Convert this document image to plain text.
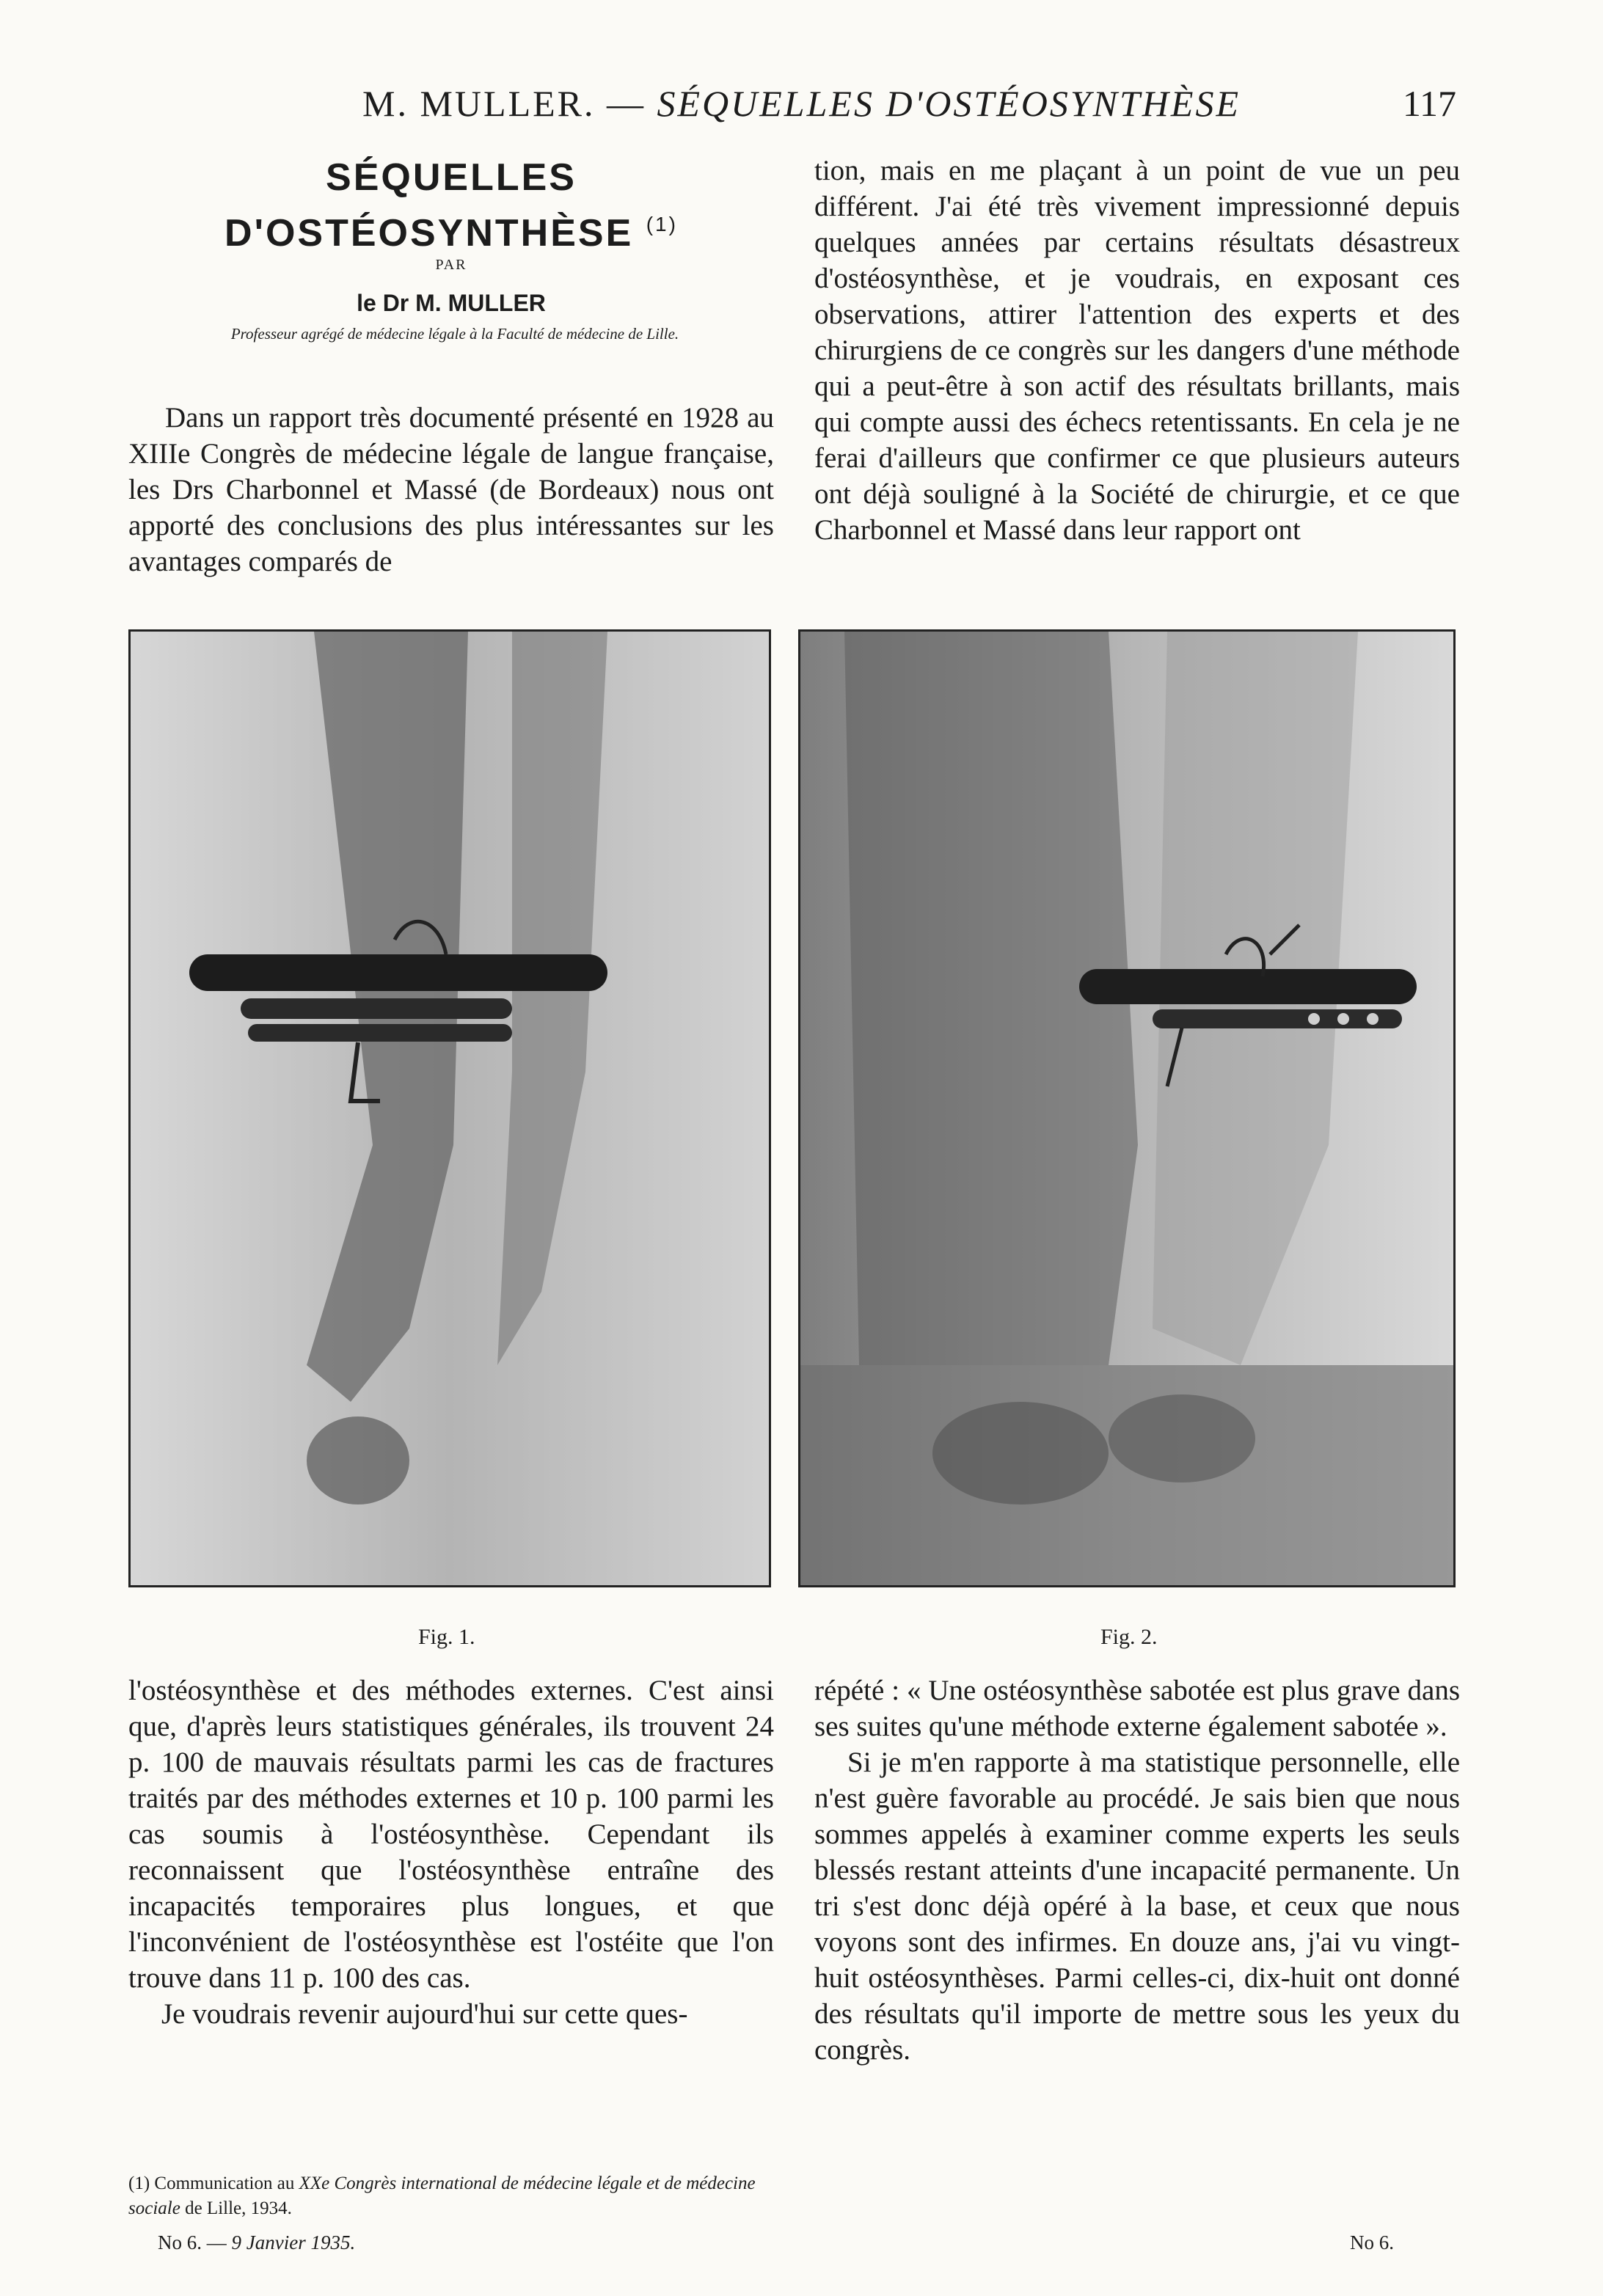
M. MULLER. — SÉQUELLES D'OSTÉOSYNTHÈSE	117
SÉQUELLES
D'OSTÉOSYNTHÈSE $^{(1)}$
PAR
le Dr M. MULLER
Professeur agrégé de médecine légale à la Faculté de médecine de Lille.

Dans un rapport très documenté présenté en 1928 au XIIIe Congrès de médecine légale de langue française, les Drs Charbonnel et Massé (de Bordeaux) nous ont apporté des conclusions des plus intéressantes sur les avantages comparés de

tion, mais en me plaçant à un point de vue un peu différent. J'ai été très vivement impressionné depuis quelques années par certains résultats désastreux d'ostéosynthèse, et je voudrais, en exposant ces observations, attirer l'attention des experts et des chirurgiens de ce congrès sur les dangers d'une méthode qui a peut-être à son actif des résultats brillants, mais qui compte aussi des échecs retentissants. En cela je ne ferai d'ailleurs que confirmer ce que plusieurs auteurs ont déjà souligné à la Société de chirurgie, et ce que Charbonnel et Massé dans leur rapport ont

Fig. 1.	Fig. 2.

l'ostéosynthèse et des méthodes externes. C'est ainsi que, d'après leurs statistiques générales, ils trouvent 24 p. 100 de mauvais résultats parmi les cas de fractures traités par des méthodes externes et 10 p. 100 parmi les cas soumis à l'ostéosynthèse. Cependant ils reconnaissent que l'ostéosynthèse entraîne des incapacités temporaires plus longues, et que l'inconvénient de l'ostéosynthèse est l'ostéite que l'on trouve dans 11 p. 100 des cas.

Je voudrais revenir aujourd'hui sur cette ques-

répété : « Une ostéosynthèse sabotée est plus grave dans ses suites qu'une méthode externe également sabotée ».

Si je m'en rapporte à ma statistique personnelle, elle n'est guère favorable au procédé. Je sais bien que nous sommes appelés à examiner comme experts les seuls blessés restant atteints d'une incapacité permanente. Un tri s'est donc déjà opéré à la base, et ceux que nous voyons sont des infirmes. En douze ans, j'ai vu vingt-huit ostéosynthèses. Parmi celles-ci, dix-huit ont donné des résultats qu'il importe de mettre sous les yeux du congrès.

(1) Communication au XXe Congrès international de médecine légale et de médecine sociale de Lille, 1934.
No 6. — 9 Janvier 1935.	No 6.
